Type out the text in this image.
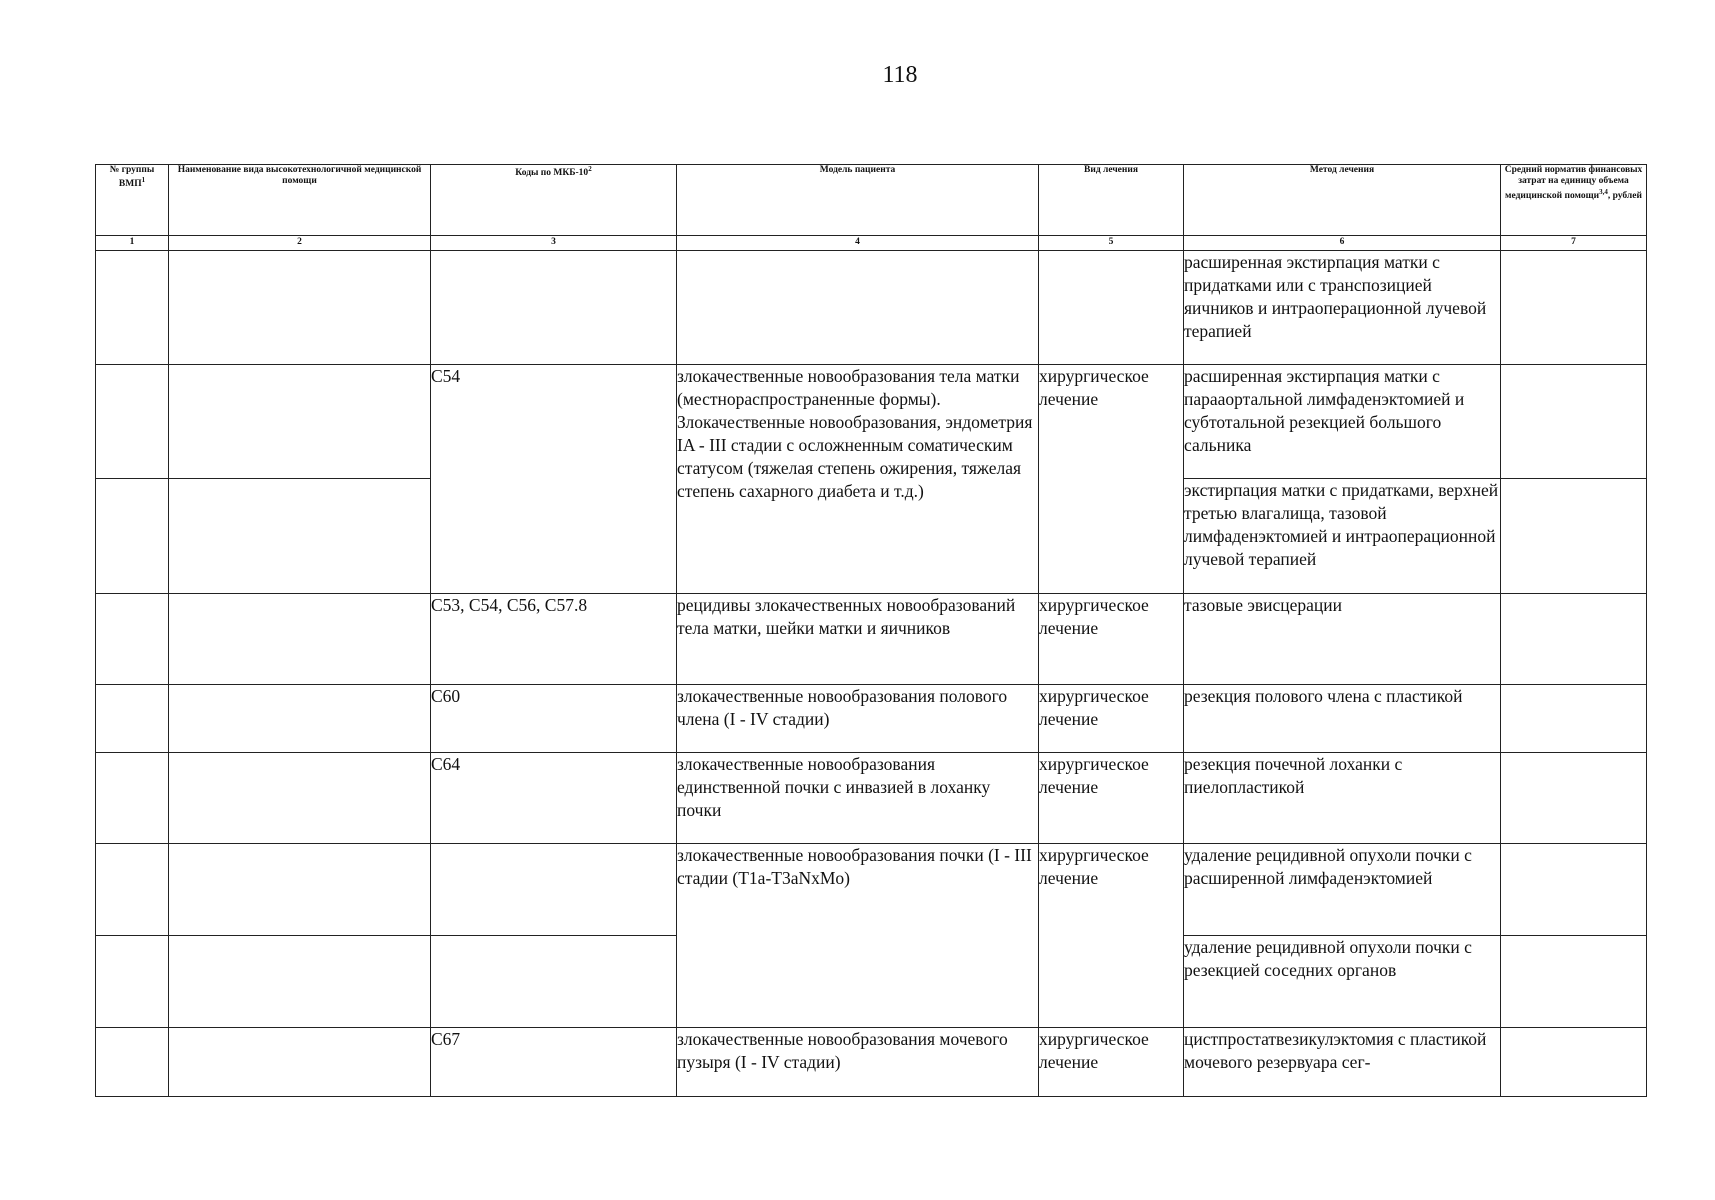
118
№ группы ВМП$^1$	Наименование вида высокотехнологичной медицинской помощи	Коды по МКБ-$10^2$	Модель пациента	Вид лечения	Метод лечения	Средний норматив финансовых затрат на единицу объема медицинской помощи$^{3,4}$, рублей
1	2	3	4	5	6	7
					расширенная экстирпация матки с придатками или с транспозицией яичников и интраоперационной лучевой терапией	
		C54	злокачественные новообразования тела матки (местнораспространенные формы). Злокачественные новообразования, эндометрия IA - III стадии с осложненным соматическим статусом (тяжелая степень ожирения, тяжелая степень сахарного диабета и т.д.)	хирургическое лечение	расширенная экстирпация матки с парааортальной лимфаденэктомией и субтотальной резекцией большого сальника	
					экстирпация матки с придатками, верхней третью влагалища, тазовой лимфаденэктомией и интраоперационной лучевой терапией	
		C53, C54, C56, C57.8	рецидивы злокачественных новообразований тела матки, шейки матки и яичников	хирургическое лечение	тазовые эвисцерации	
		C60	злокачественные новообразования полового члена (I - IV стадии)	хирургическое лечение	резекция полового члена с пластикой	
		C64	злокачественные новообразования единственной почки с инвазией в лоханку почки	хирургическое лечение	резекция почечной лоханки с пиелопластикой	
			злокачественные новообразования почки (I - III стадии (T1a-T3aNxMo)	хирургическое лечение	удаление рецидивной опухоли почки с расширенной лимфаденэктомией	
					удаление рецидивной опухоли почки с резекцией соседних органов	
		C67	злокачественные новообразования мочевого пузыря (I - IV стадии)	хирургическое лечение	цистпростатвезикулэктомия с пластикой мочевого резервуара сег-	
